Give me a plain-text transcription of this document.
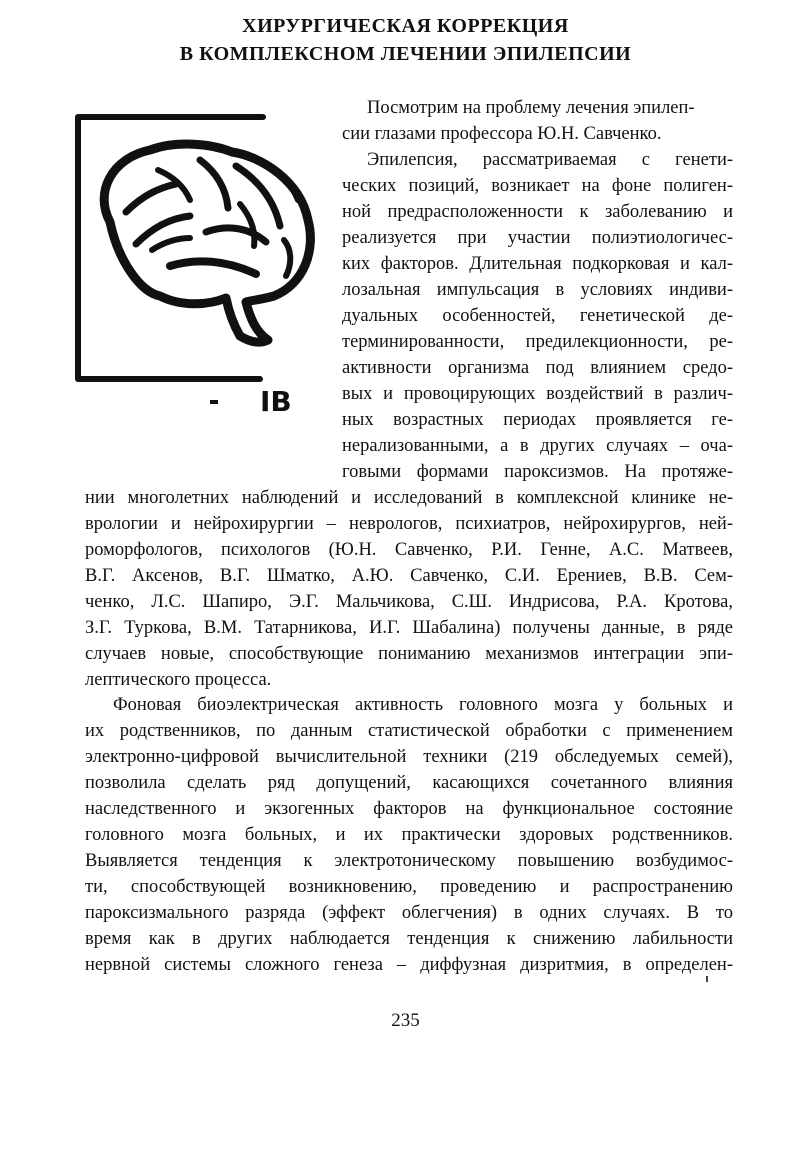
ХИРУРГИЧЕСКАЯ КОРРЕКЦИЯ
В КОМПЛЕКСНОМ ЛЕЧЕНИИ ЭПИЛЕПСИИ
IB
Посмотрим на проблему лечения эпилеп-
сии глазами профессора Ю.Н. Савченко.
Эпилепсия, рассматриваемая с генети-
ческих позиций, возникает на фоне полиген-
ной предрасположенности к заболеванию и
реализуется при участии полиэтиологичес-
ких факторов. Длительная подкорковая и кал-
лозальная импульсация в условиях индиви-
дуальных особенностей, генетической де-
терминированности, предилекционности, ре-
активности организма под влиянием средо-
вых и провоцирующих воздействий в различ-
ных возрастных периодах проявляется ге-
нерализованными, а в других случаях – оча-
говыми формами пароксизмов. На протяже-
нии многолетних наблюдений и исследований в комплексной клинике не-
врологии и нейрохирургии – неврологов, психиатров, нейрохирургов, ней-
роморфологов, психологов (Ю.Н. Савченко, Р.И. Генне, А.С. Матвеев,
В.Г. Аксенов, В.Г. Шматко, А.Ю. Савченко, С.И. Ерениев, В.В. Сем-
ченко, Л.С. Шапиро, Э.Г. Мальчикова, С.Ш. Индрисова, Р.А. Кротова,
З.Г. Туркова, В.М. Татарникова, И.Г. Шабалина) получены данные, в ряде
случаев новые, способствующие пониманию механизмов интеграции эпи-
лептического процесса.
Фоновая биоэлектрическая активность головного мозга у больных и
их родственников, по данным статистической обработки с применением
электронно-цифровой вычислительной техники (219 обследуемых семей),
позволила сделать ряд допущений, касающихся сочетанного влияния
наследственного и экзогенных факторов на функциональное состояние
головного мозга больных, и их практически здоровых родственников.
Выявляется тенденция к электротоническому повышению возбудимос-
ти, способствующей возникновению, проведению и распространению
пароксизмального разряда (эффект облегчения) в одних случаях. В то
время как в других наблюдается тенденция к снижению лабильности
нервной системы сложного генеза – диффузная дизритмия, в определен-
235
